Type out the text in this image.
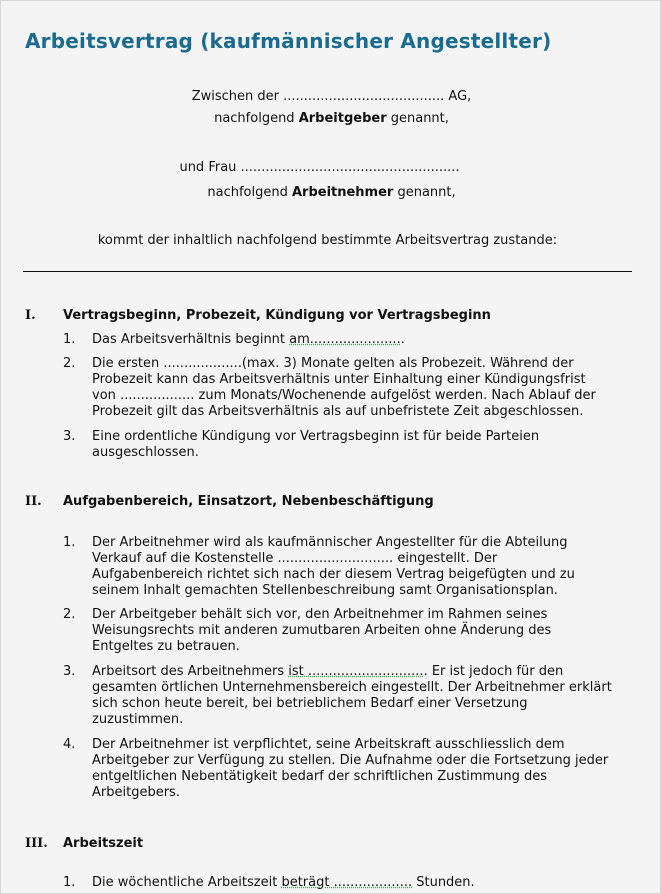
Arbeitsvertrag (kaufmännischer Angestellter)
Zwischen der ....................................... AG,
nachfolgend Arbeitgeber genannt,
und Frau .....................................................
nachfolgend Arbeitnehmer genannt,
kommt der inhaltlich nachfolgend bestimmte Arbeitsvertrag zustande:
I. Vertragsbeginn, Probezeit, Kündigung vor Vertragsbeginn
1. Das Arbeitsverhältnis beginnt am.......................
2. Die ersten ...................(max. 3) Monate gelten als Probezeit. Während der
Probezeit kann das Arbeitsverhältnis unter Einhaltung einer Kündigungsfrist
von .................. zum Monats/Wochenende aufgelöst werden. Nach Ablauf der
Probezeit gilt das Arbeitsverhältnis als auf unbefristete Zeit abgeschlossen.
3. Eine ordentliche Kündigung vor Vertragsbeginn ist für beide Parteien
ausgeschlossen.
II. Aufgabenbereich, Einsatzort, Nebenbeschäftigung
1. Der Arbeitnehmer wird als kaufmännischer Angestellter für die Abteilung
Verkauf auf die Kostenstelle ............................ eingestellt. Der
Aufgabenbereich richtet sich nach der diesem Vertrag beigefügten und zu
seinem Inhalt gemachten Stellenbeschreibung samt Organisationsplan.
2. Der Arbeitgeber behält sich vor, den Arbeitnehmer im Rahmen seines
Weisungsrechts mit anderen zumutbaren Arbeiten ohne Änderung des
Entgeltes zu betrauen.
3. Arbeitsort des Arbeitnehmers ist ............................. Er ist jedoch für den
gesamten örtlichen Unternehmensbereich eingestellt. Der Arbeitnehmer erklärt
sich schon heute bereit, bei betrieblichem Bedarf einer Versetzung
zuzustimmen.
4. Der Arbeitnehmer ist verpflichtet, seine Arbeitskraft ausschliesslich dem
Arbeitgeber zur Verfügung zu stellen. Die Aufnahme oder die Fortsetzung jeder
entgeltlichen Nebentätigkeit bedarf der schriftlichen Zustimmung des
Arbeitgebers.
III. Arbeitszeit
1. Die wöchentliche Arbeitszeit beträgt ................... Stunden.
